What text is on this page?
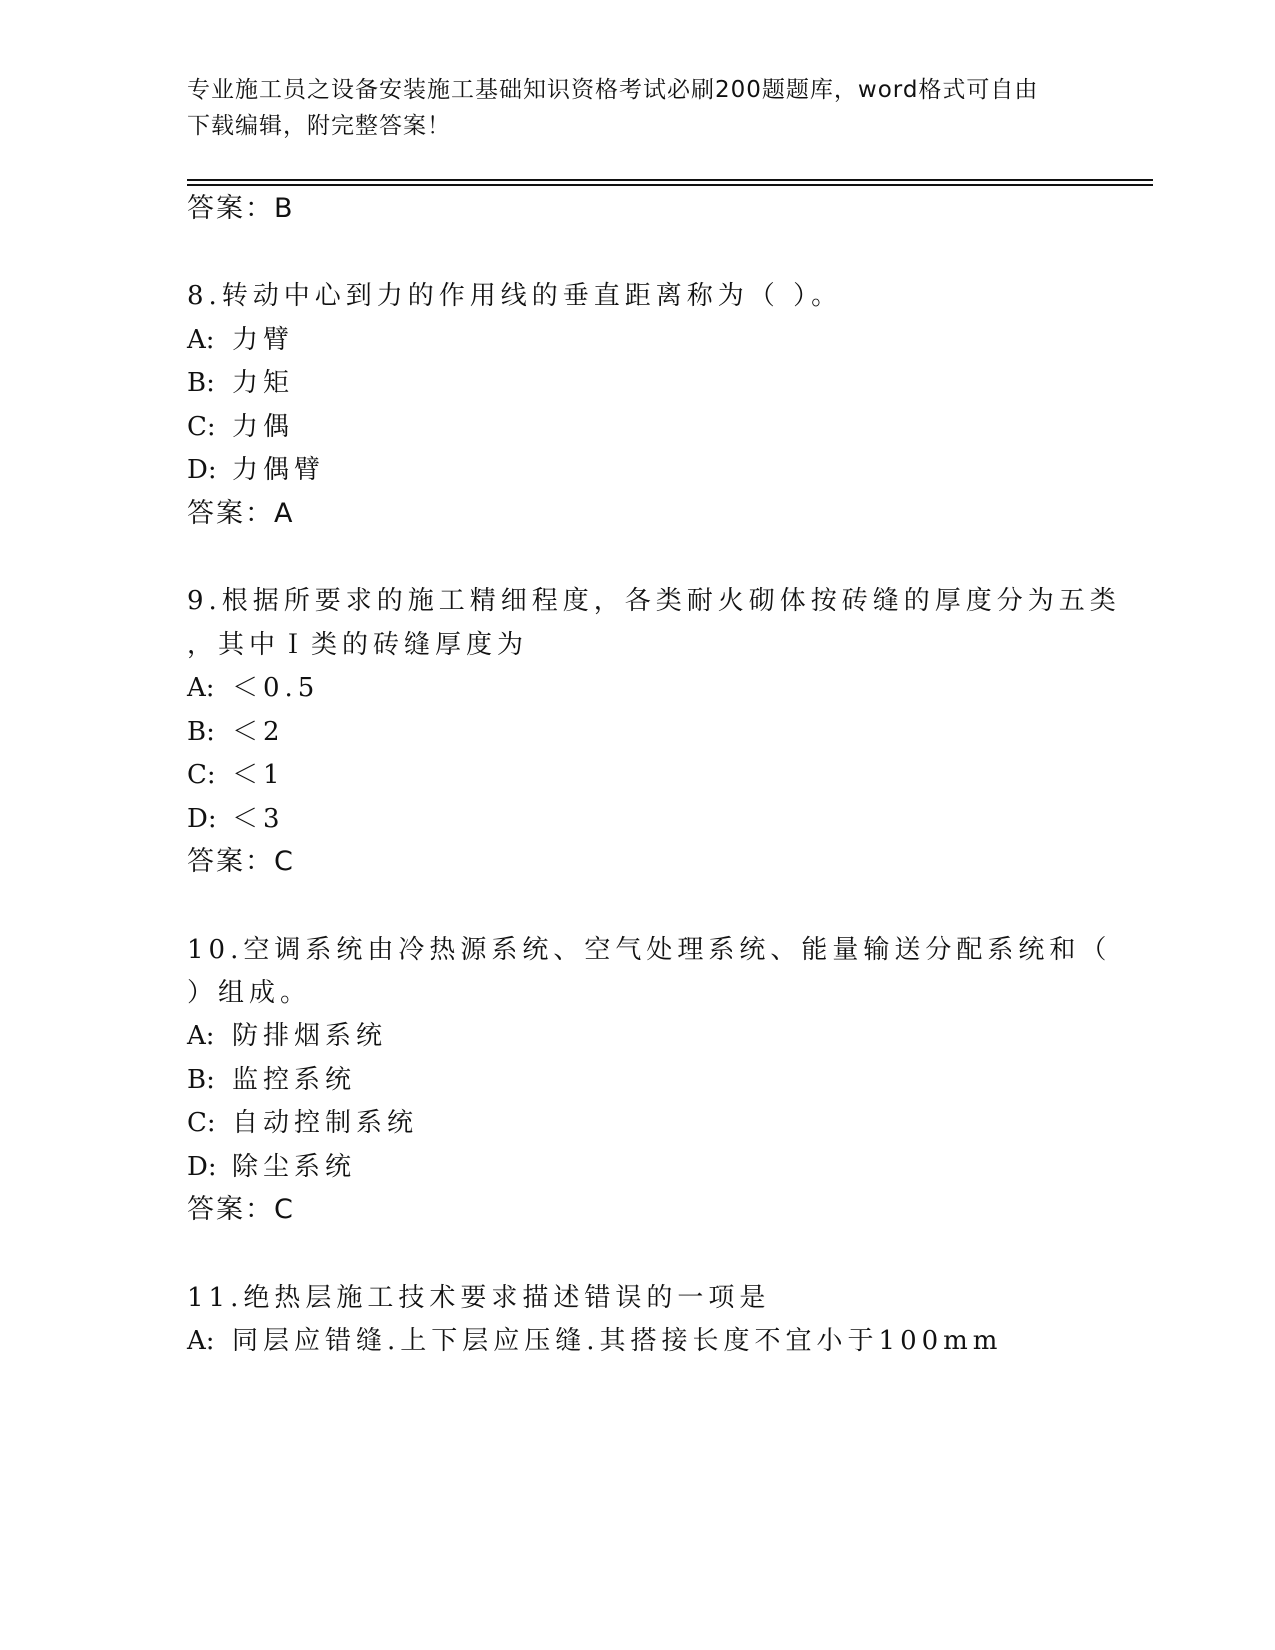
专业施工员之设备安装施工基础知识资格考试必刷200题题库，word格式可自由
下载编辑，附完整答案！
答案：B
8.转动中心到力的作用线的垂直距离称为（ ）。
A: 力臂
B: 力矩
C: 力偶
D: 力偶臂
答案：A
9.根据所要求的施工精细程度，各类耐火砌体按砖缝的厚度分为五类
，其中Ｉ类的砖缝厚度为
A: ＜0.5
B: ＜2
C: ＜1
D: ＜3
答案：C
10.空调系统由冷热源系统、空气处理系统、能量输送分配系统和（
）组成。
A: 防排烟系统
B: 监控系统
C: 自动控制系统
D: 除尘系统
答案：C
11.绝热层施工技术要求描述错误的一项是
A: 同层应错缝.上下层应压缝.其搭接长度不宜小于100mm
